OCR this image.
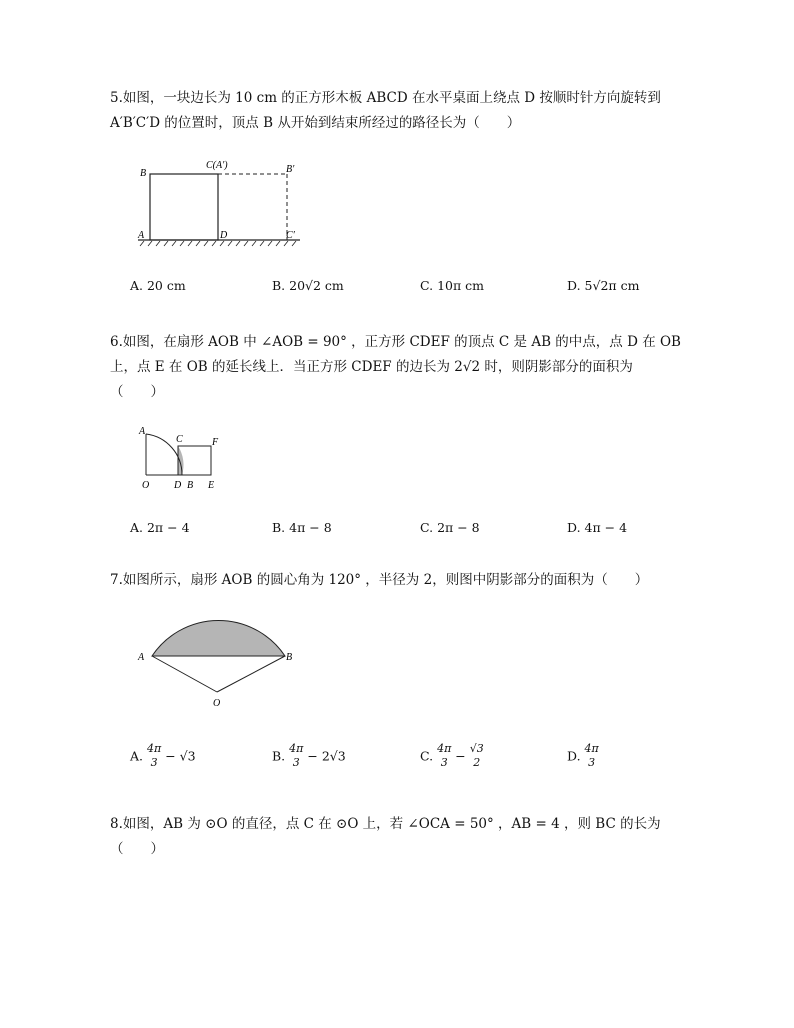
5.如图，一块边长为 10 cm 的正方形木板 ABCD 在水平桌面上绕点 D 按顺时针方向旋转到
A′B′C′D 的位置时，顶点 B 从开始到结束所经过的路径长为（　　）
B
C(A′)	B′
A	D	C′
A. 20 cm	B. 20√2 cm	C. 10π cm	D. 5√2π cm
6.如图，在扇形 AOB 中 ∠AOB = 90° ，正方形 CDEF 的顶点 C 是 AB 的中点，点 D 在 OB
上，点 E 在 OB 的延长线上．当正方形 CDEF 的边长为 2√2 时，则阴影部分的面积为
（　　）
A
C	F
O D B E
A. 2π − 4	B. 4π − 8	C. 2π − 8	D. 4π − 4
7.如图所示，扇形 AOB 的圆心角为 120° ，半径为 2，则图中阴影部分的面积为（　　）
A	B
O
A. 4π
3 − √3	B. 4π
3 − 2√3	C. 4π
3 − √3
2	D. 4π
3
8.如图，AB 为 ⊙O 的直径，点 C 在 ⊙O 上，若 ∠OCA = 50° ，AB = 4 ，则 BC 的长为
（　　）
